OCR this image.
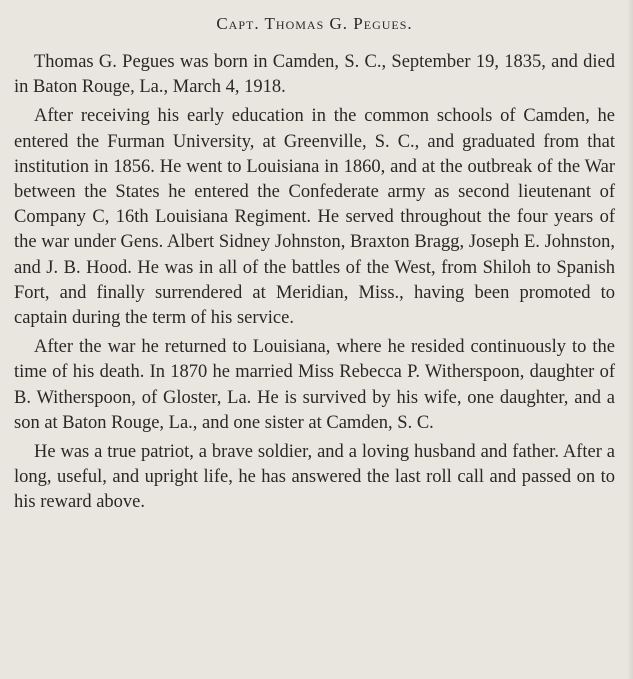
Capt. Thomas G. Pegues.

Thomas G. Pegues was born in Camden, S. C., September 19, 1835, and died in Baton Rouge, La., March 4, 1918.

After receiving his early education in the common schools of Camden, he entered the Furman University, at Greenville, S. C., and graduated from that institution in 1856. He went to Louisiana in 1860, and at the outbreak of the War between the States he entered the Confederate army as second lieutenant of Company C, 16th Louisiana Regiment. He served throughout the four years of the war under Gens. Albert Sidney Johnston, Braxton Bragg, Joseph E. Johnston, and J. B. Hood. He was in all of the battles of the West, from Shiloh to Spanish Fort, and finally surrendered at Meridian, Miss., having been promoted to captain during the term of his service.

After the war he returned to Louisiana, where he resided continuously to the time of his death. In 1870 he married Miss Rebecca P. Witherspoon, daughter of B. Witherspoon, of Gloster, La. He is survived by his wife, one daughter, and a son at Baton Rouge, La., and one sister at Camden, S. C.

He was a true patriot, a brave soldier, and a loving husband and father. After a long, useful, and upright life, he has answered the last roll call and passed on to his reward above.
